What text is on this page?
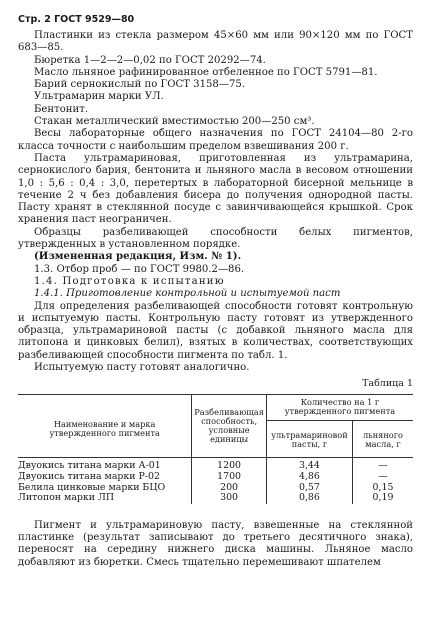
Стр. 2 ГОСТ 9529—80

Пластинки из стекла размером 45×60 мм или 90×120 мм по ГОСТ 683—85.

Бюретка 1—2—2—0,02 по ГОСТ 20292—74.

Масло льняное рафинированное отбеленное по ГОСТ 5791—81.

Барий сернокислый по ГОСТ 3158—75.

Ультрамарин марки УЛ.

Бентонит.

Стакан металлический вместимостью 200—250 см³.

Весы лабораторные общего назначения по ГОСТ 24104—80 2-го класса точности с наибольшим пределом взвешивания 200 г.

Паста ультрамариновая, приготовленная из ультрамарина, сернокислого бария, бентонита и льняного масла в весовом отношении 1,0 : 5,6 : 0,4 : 3,0, перетертых в лабораторной бисерной мельнице в течение 2 ч без добавления бисера до получения однородной пасты. Пасту хранят в стеклянной посуде с завинчивающейся крышкой. Срок хранения паст неограничен.

Образцы разбеливающей способности белых пигментов, утвержденных в установленном порядке.

(Измененная редакция, Изм. № 1).

1.3. Отбор проб — по ГОСТ 9980.2—86.

1.4. Подготовка к испытанию

1.4.1. Приготовление контрольной и испытуемой паст

Для определения разбеливающей способности готовят контрольную и испытуемую пасты. Контрольную пасту готовят из утвержденного образца, ультрамариновой пасты (с добавкой льняного масла для литопона и цинковых белил), взятых в количествах, соответствующих разбеливающей способности пигмента по табл. 1.

Испытуемую пасту готовят аналогично.

Таблица 1
Наименование и марка утвержденного пигмента	Разбеливающая способность, условные единицы	Количество на 1 г утвержденного пигмента	
		ультрамариновой пасты, г	льняного масла, г
Двуокись титана марки А-01	1200	3,44	—
Двуокись титана марки Р-02	1700	4,86	—
Белила цинковые марки БЦО	200	0,57	0,15
Литопон марки ЛП	300	0,86	0,19

Пигмент и ультрамариновую пасту, взвешенные на стеклянной пластинке (результат записывают до третьего десятичного знака), переносят на середину нижнего диска машины. Льняное масло добавляют из бюретки. Смесь тщательно перемешивают шпателем
